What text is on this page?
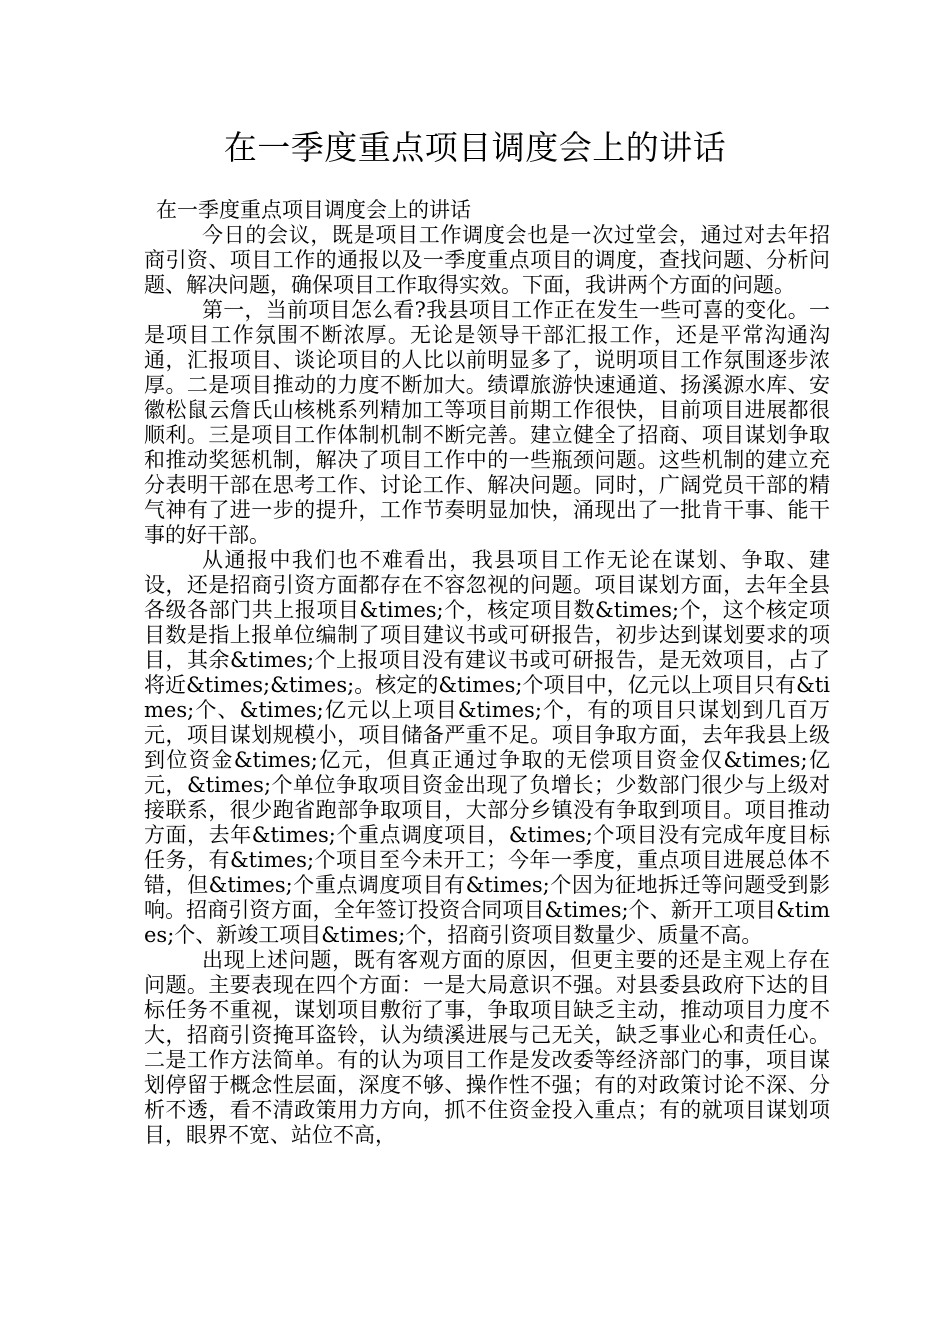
在一季度重点项目调度会上的讲话

在一季度重点项目调度会上的讲话

今日的会议，既是项目工作调度会也是一次过堂会，通过对去年招商引资、项目工作的通报以及一季度重点项目的调度，查找问题、分析问题、解决问题，确保项目工作取得实效。下面，我讲两个方面的问题。

第一，当前项目怎么看?我县项目工作正在发生一些可喜的变化。一是项目工作氛围不断浓厚。无论是领导干部汇报工作，还是平常沟通沟通，汇报项目、谈论项目的人比以前明显多了，说明项目工作氛围逐步浓厚。二是项目推动的力度不断加大。绩谭旅游快速通道、扬溪源水库、安徽松鼠云詹氏山核桃系列精加工等项目前期工作很快，目前项目进展都很顺利。三是项目工作体制机制不断完善。建立健全了招商、项目谋划争取和推动奖惩机制，解决了项目工作中的一些瓶颈问题。这些机制的建立充分表明干部在思考工作、讨论工作、解决问题。同时，广阔党员干部的精气神有了进一步的提升，工作节奏明显加快，涌现出了一批肯干事、能干事的好干部。

从通报中我们也不难看出，我县项目工作无论在谋划、争取、建设，还是招商引资方面都存在不容忽视的问题。项目谋划方面，去年全县各级各部门共上报项目&times;个，核定项目数&times;个，这个核定项目数是指上报单位编制了项目建议书或可研报告，初步达到谋划要求的项目，其余&times;个上报项目没有建议书或可研报告，是无效项目，占了将近&times;&times;。核定的&times;个项目中，亿元以上项目只有&times;个、&times;亿元以上项目&times;个，有的项目只谋划到几百万元，项目谋划规模小，项目储备严重不足。项目争取方面，去年我县上级到位资金&times;亿元，但真正通过争取的无偿项目资金仅&times;亿元，&times;个单位争取项目资金出现了负增长；少数部门很少与上级对接联系，很少跑省跑部争取项目，大部分乡镇没有争取到项目。项目推动方面，去年&times;个重点调度项目，&times;个项目没有完成年度目标任务，有&times;个项目至今未开工；今年一季度，重点项目进展总体不错，但&times;个重点调度项目有&times;个因为征地拆迁等问题受到影响。招商引资方面，全年签订投资合同项目&times;个、新开工项目&times;个、新竣工项目&times;个，招商引资项目数量少、质量不高。

出现上述问题，既有客观方面的原因，但更主要的还是主观上存在问题。主要表现在四个方面：一是大局意识不强。对县委县政府下达的目标任务不重视，谋划项目敷衍了事，争取项目缺乏主动，推动项目力度不大，招商引资掩耳盗铃，认为绩溪进展与己无关，缺乏事业心和责任心。二是工作方法简单。有的认为项目工作是发改委等经济部门的事，项目谋划停留于概念性层面，深度不够、操作性不强；有的对政策讨论不深、分析不透，看不清政策用力方向，抓不住资金投入重点；有的就项目谋划项目，眼界不宽、站位不高，
